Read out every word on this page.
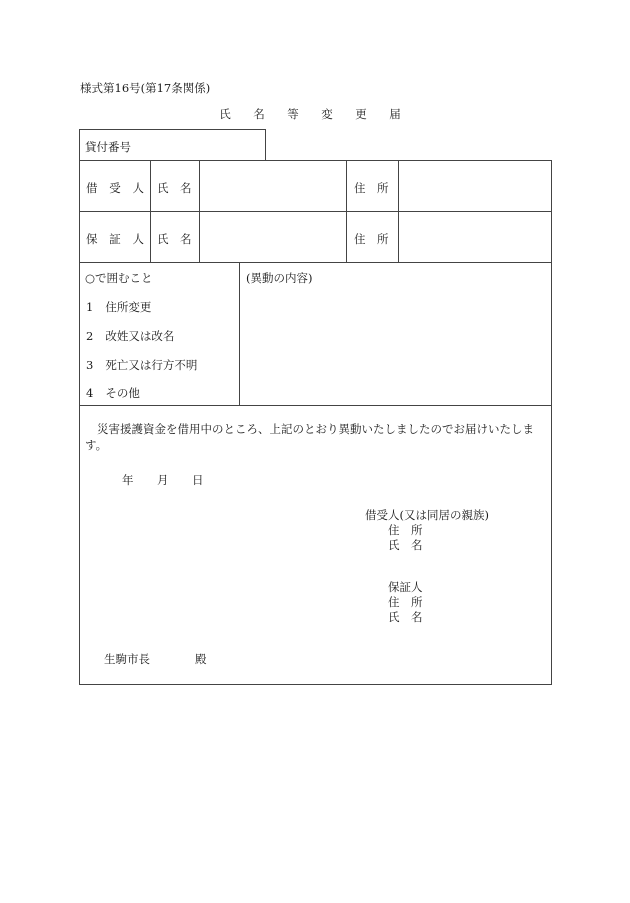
様式第16号(第17条関係)
氏 名 等 変 更 届
貸付番号
借 受 人 氏　名	住　所
保 証 人 氏　名	住　所
○で囲むこと
1 住所変更
2 改姓又は改名
3 死亡又は行方不明
4 その他
(異動の内容)
災害援護資金を借用中のところ、上記のとおり異動いたしましたのでお届けいたしま
す。
年 月 日
借受人(又は同居の親族)
住　所
氏　名
保証人
住　所
氏　名
生駒市長	殿
